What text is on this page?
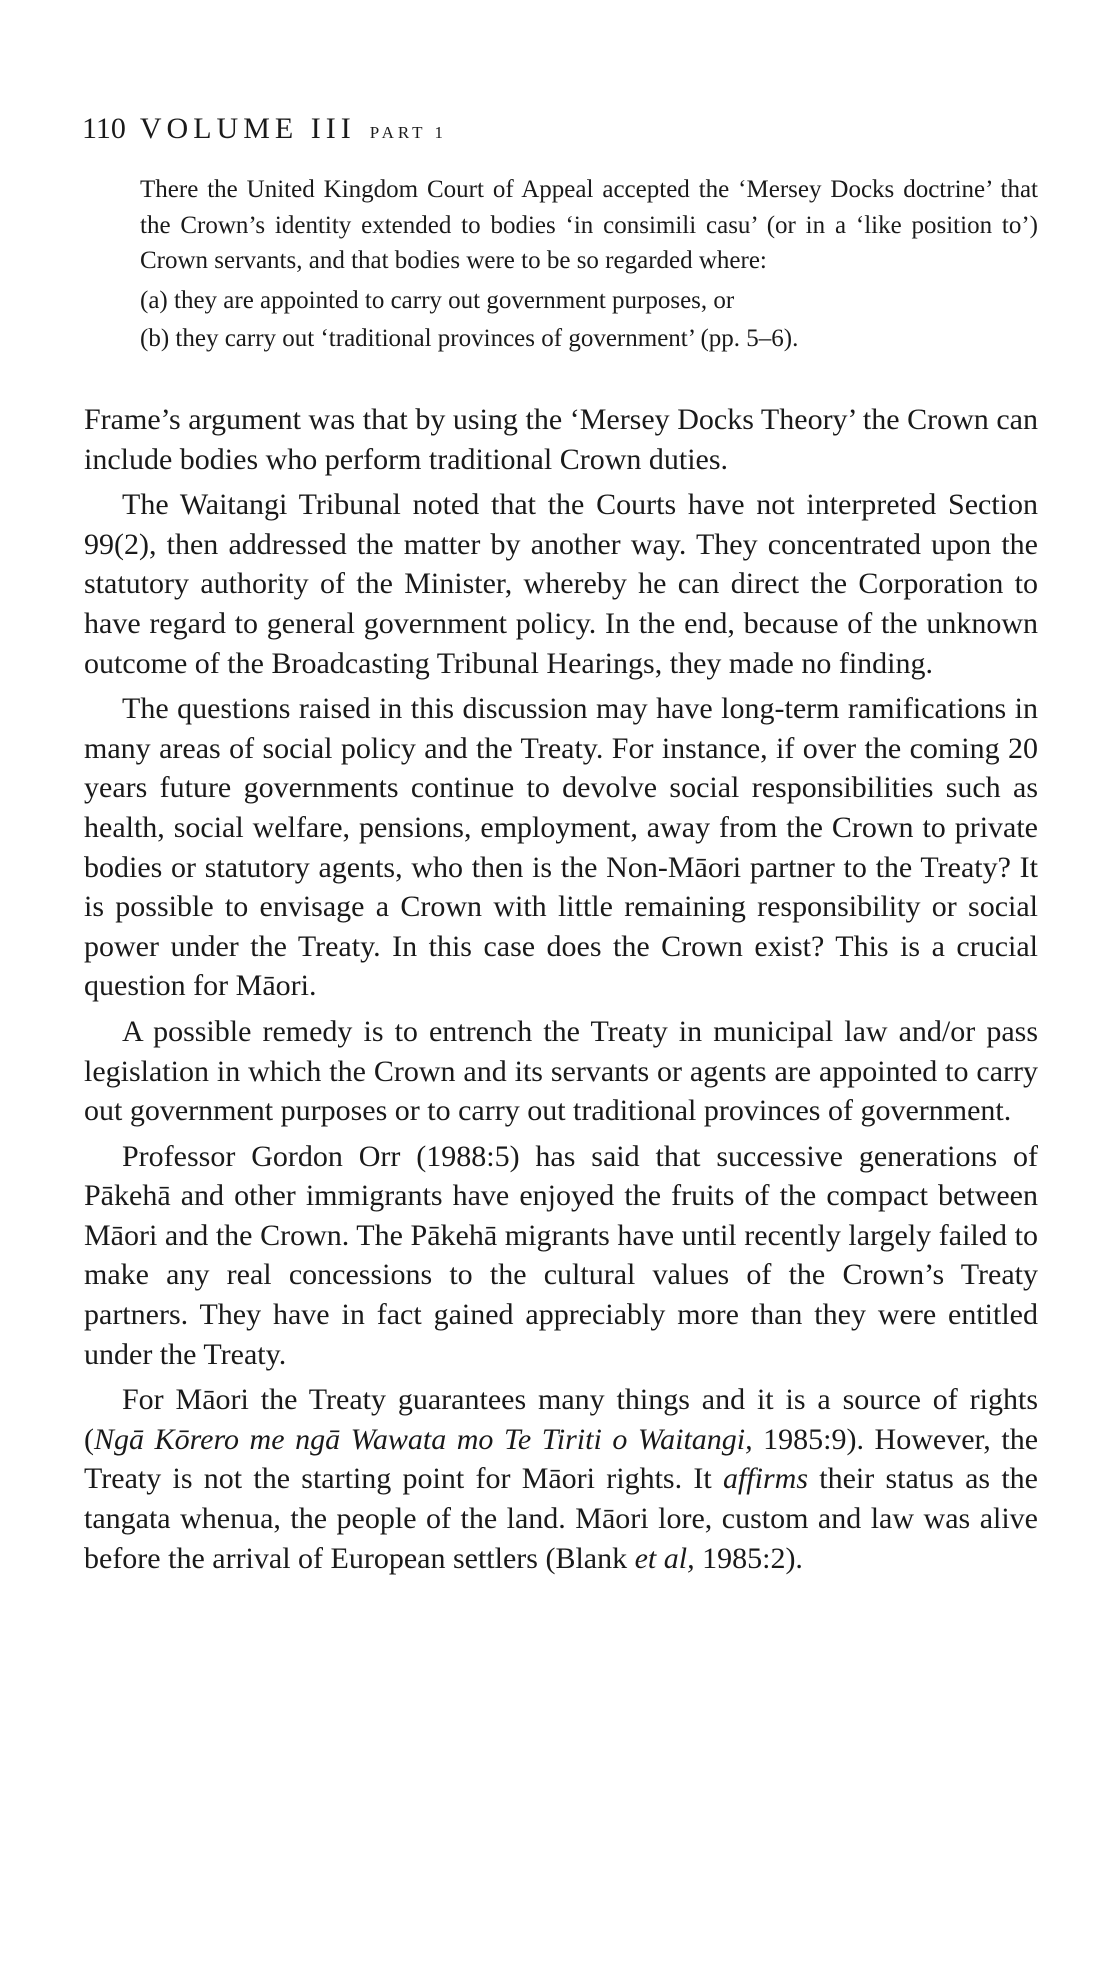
110 VOLUME III PART 1

There the United Kingdom Court of Appeal accepted the ‘Mersey Docks doctrine’ that the Crown’s identity extended to bodies ‘in consimili casu’ (or in a ‘like position to’) Crown servants, and that bodies were to be so regarded where:

(a) they are appointed to carry out government purposes, or

(b) they carry out ‘traditional provinces of government’ (pp. 5–6).

Frame’s argument was that by using the ‘Mersey Docks Theory’ the Crown can include bodies who perform traditional Crown duties.

The Waitangi Tribunal noted that the Courts have not interpreted Section 99(2), then addressed the matter by another way. They concentrated upon the statutory authority of the Minister, whereby he can direct the Corporation to have regard to general government policy. In the end, because of the unknown outcome of the Broadcasting Tribunal Hearings, they made no finding.

The questions raised in this discussion may have long-term ramifications in many areas of social policy and the Treaty. For instance, if over the coming 20 years future governments continue to devolve social responsibilities such as health, social welfare, pensions, employment, away from the Crown to private bodies or statutory agents, who then is the Non-Māori partner to the Treaty? It is possible to envisage a Crown with little remaining responsibility or social power under the Treaty. In this case does the Crown exist? This is a crucial question for Māori.

A possible remedy is to entrench the Treaty in municipal law and/or pass legislation in which the Crown and its servants or agents are appointed to carry out government purposes or to carry out traditional provinces of government.

Professor Gordon Orr (1988:5) has said that successive generations of Pākehā and other immigrants have enjoyed the fruits of the compact between Māori and the Crown. The Pākehā migrants have until recently largely failed to make any real concessions to the cultural values of the Crown’s Treaty partners. They have in fact gained appreciably more than they were entitled under the Treaty.

For Māori the Treaty guarantees many things and it is a source of rights (Ngā Kōrero me ngā Wawata mo Te Tiriti o Waitangi, 1985:9). However, the Treaty is not the starting point for Māori rights. It affirms their status as the tangata whenua, the people of the land. Māori lore, custom and law was alive before the arrival of European settlers (Blank et al, 1985:2).
